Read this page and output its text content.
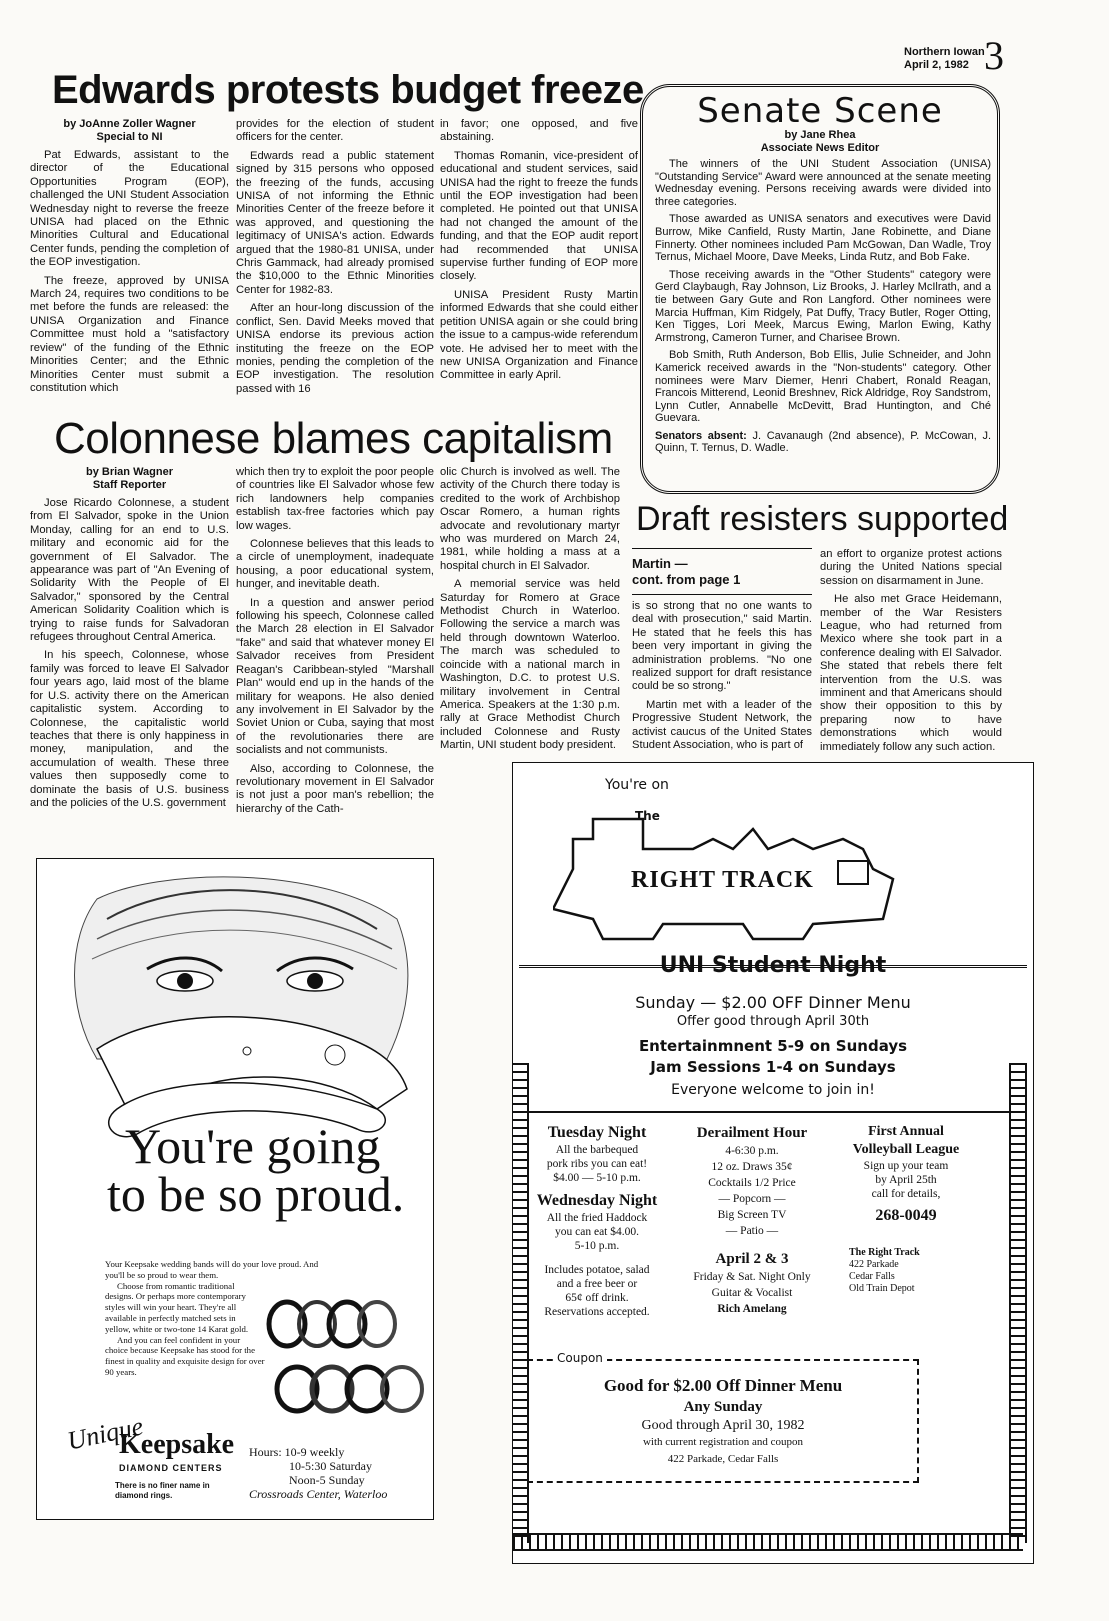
Northern Iowan
April 2, 1982 3
Edwards protests budget freeze

by JoAnne Zoller Wagner
Special to NI

Pat Edwards, assistant to the director of the Educational Opportunities Program (EOP), challenged the UNI Student Association Wednesday night to reverse the freeze UNISA had placed on the Ethnic Minorities Cultural and Educational Center funds, pending the completion of the EOP investigation.

The freeze, approved by UNISA March 24, requires two conditions to be met before the funds are released: the UNISA Organization and Finance Committee must hold a "satisfactory review" of the funding of the Ethnic Minorities Center; and the Ethnic Minorities Center must submit a constitution which

provides for the election of student officers for the center.

Edwards read a public statement signed by 315 persons who opposed the freezing of the funds, accusing UNISA of not informing the Ethnic Minorities Center of the freeze before it was approved, and questioning the legitimacy of UNISA's action. Edwards argued that the 1980-81 UNISA, under Chris Gammack, had already promised the $10,000 to the Ethnic Minorities Center for 1982-83.

After an hour-long discussion of the conflict, Sen. David Meeks moved that UNISA endorse its previous action instituting the freeze on the EOP monies, pending the completion of the EOP investigation. The resolution passed with 16

in favor; one opposed, and five abstaining.

Thomas Romanin, vice-president of educational and student services, said UNISA had the right to freeze the funds until the EOP investigation had been completed. He pointed out that UNISA had not changed the amount of the funding, and that the EOP audit report had recommended that UNISA supervise further funding of EOP more closely.

UNISA President Rusty Martin informed Edwards that she could either petition UNISA again or she could bring the issue to a campus-wide referendum vote. He advised her to meet with the new UNISA Organization and Finance Committee in early April.

Senate Scene
by Jane Rhea
Associate News Editor

The winners of the UNI Student Association (UNISA) "Outstanding Service" Award were announced at the senate meeting Wednesday evening. Persons receiving awards were divided into three categories.

Those awarded as UNISA senators and executives were David Burrow, Mike Canfield, Rusty Martin, Jane Robinette, and Diane Finnerty. Other nominees included Pam McGowan, Dan Wadle, Troy Ternus, Michael Moore, Dave Meeks, Linda Rutz, and Bob Fake.

Those receiving awards in the "Other Students" category were Gerd Claybaugh, Ray Johnson, Liz Brooks, J. Harley McIlrath, and a tie between Gary Gute and Ron Langford. Other nominees were Marcia Huffman, Kim Ridgely, Pat Duffy, Tracy Butler, Roger Otting, Ken Tigges, Lori Meek, Marcus Ewing, Marlon Ewing, Kathy Armstrong, Cameron Turner, and Charisee Brown.

Bob Smith, Ruth Anderson, Bob Ellis, Julie Schneider, and John Kamerick received awards in the "Non-students" category. Other nominees were Marv Diemer, Henri Chabert, Ronald Reagan, Francois Mitterend, Leonid Breshnev, Rick Aldridge, Roy Sandstrom, Lynn Cutler, Annabelle McDevitt, Brad Huntington, and Ché Guevara.

Senators absent: J. Cavanaugh (2nd absence), P. McCowan, J. Quinn, T. Ternus, D. Wadle.

Colonnese blames capitalism

by Brian Wagner
Staff Reporter

Jose Ricardo Colonnese, a student from El Salvador, spoke in the Union Monday, calling for an end to U.S. military and economic aid for the government of El Salvador. The appearance was part of "An Evening of Solidarity With the People of El Salvador," sponsored by the Central American Solidarity Coalition which is trying to raise funds for Salvadoran refugees throughout Central America.

In his speech, Colonnese, whose family was forced to leave El Salvador four years ago, laid most of the blame for U.S. activity there on the American capitalistic system. According to Colonnese, the capitalistic world teaches that there is only happiness in money, manipulation, and the accumulation of wealth. These three values then supposedly come to dominate the basis of U.S. business and the policies of the U.S. government

which then try to exploit the poor people of countries like El Salvador whose few rich landowners help companies establish tax-free factories which pay low wages.

Colonnese believes that this leads to a circle of unemployment, inadequate housing, a poor educational system, hunger, and inevitable death.

In a question and answer period following his speech, Colonnese called the March 28 election in El Salvador "fake" and said that whatever money El Salvador receives from President Reagan's Caribbean-styled "Marshall Plan" would end up in the hands of the military for weapons. He also denied any involvement in El Salvador by the Soviet Union or Cuba, saying that most of the revolutionaries there are socialists and not communists.

Also, according to Colonnese, the revolutionary movement in El Salvador is not just a poor man's rebellion; the hierarchy of the Cath-

olic Church is involved as well. The activity of the Church there today is credited to the work of Archbishop Oscar Romero, a human rights advocate and revolutionary martyr who was murdered on March 24, 1981, while holding a mass at a hospital church in El Salvador.

A memorial service was held Saturday for Romero at Grace Methodist Church in Waterloo. Following the service a march was held through downtown Waterloo. The march was scheduled to coincide with a national march in Washington, D.C. to protest U.S. military involvement in Central America. Speakers at the 1:30 p.m. rally at Grace Methodist Church included Colonnese and Rusty Martin, UNI student body president.

Draft resisters supported
Martin —
cont. from page 1

is so strong that no one wants to deal with prosecution," said Martin. He stated that he feels this has been very important in giving the administration problems. "No one realized support for draft resistance could be so strong."

Martin met with a leader of the Progressive Student Network, the activist caucus of the United States Student Association, who is part of

an effort to organize protest actions during the United Nations special session on disarmament in June.

He also met Grace Heidemann, member of the War Resisters League, who had returned from Mexico where she took part in a conference dealing with El Salvador. She stated that rebels there felt intervention from the U.S. was imminent and that Americans should show their opposition to this by preparing now to have demonstrations which would immediately follow any such action.

You're going
to be so proud.
Your Keepsake wedding bands will do your love proud. And you'll be so proud to wear them.
Choose from romantic traditional designs. Or perhaps more contemporary styles will win your heart. They're all available in perfectly matched sets in yellow, white or two-tone 14 Karat gold.
And you can feel confident in your choice because Keepsake has stood for the finest in quality and exquisite design for over 90 years.
Unique
Keepsake
DIAMOND CENTERS
There is no finer name in
diamond rings.
Hours: 10-9 weekly
10-5:30 Saturday
Noon-5 Sunday
Crossroads Center, Waterloo
You're on
The
RIGHT TRACK
UNI Student Night
Sunday — $2.00 OFF Dinner Menu
Offer good through April 30th
Entertainmnent 5-9 on Sundays
Jam Sessions 1-4 on Sundays
Everyone welcome to join in!
Tuesday Night
All the barbequed
pork ribs you can eat!
$4.00 — 5-10 p.m.
Wednesday Night
All the fried Haddock
you can eat $4.00.
5-10 p.m.
Includes potatoe, salad
and a free beer or
65¢ off drink.
Reservations accepted.
Derailment Hour
4-6:30 p.m.
12 oz. Draws 35¢
Cocktails 1/2 Price
— Popcorn —
Big Screen TV
— Patio —
April 2 & 3
Friday & Sat. Night Only
Guitar & Vocalist
Rich Amelang
First Annual
Volleyball League
Sign up your team
by April 25th
call for details,
268-0049
The Right Track
422 Parkade
Cedar Falls
Old Train Depot
Coupon
Good for $2.00 Off Dinner Menu
Any Sunday
Good through April 30, 1982
with current registration and coupon
422 Parkade, Cedar Falls
